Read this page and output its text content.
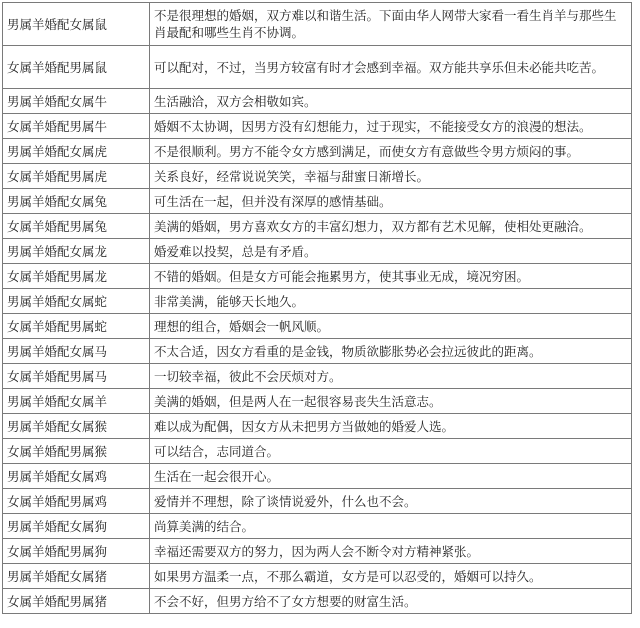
男属羊婚配女属鼠	不是很理想的婚姻，双方难以和谐生活。下面由华人网带大家看一看生肖羊与那些生肖最配和哪些生肖不协调。
女属羊婚配男属鼠	可以配对，不过，当男方较富有时才会感到幸福。双方能共享乐但未必能共吃苦。
男属羊婚配女属牛	生活融洽，双方会相敬如宾。
女属羊婚配男属牛	婚姻不太协调，因男方没有幻想能力，过于现实，不能接受女方的浪漫的想法。
男属羊婚配女属虎	不是很顺利。男方不能令女方感到满足，而使女方有意做些令男方烦闷的事。
女属羊婚配男属虎	关系良好，经常说说笑笑，幸福与甜蜜日渐增长。
男属羊婚配女属兔	可生活在一起，但并没有深厚的感情基础。
女属羊婚配男属兔	美满的婚姻，男方喜欢女方的丰富幻想力，双方都有艺术见解，使相处更融洽。
男属羊婚配女属龙	婚爱难以投契，总是有矛盾。
女属羊婚配男属龙	不错的婚姻。但是女方可能会拖累男方，使其事业无成，境况穷困。
男属羊婚配女属蛇	非常美满，能够天长地久。
女属羊婚配男属蛇	理想的组合，婚姻会一帆风顺。
男属羊婚配女属马	不太合适，因女方看重的是金钱，物质欲膨胀势必会拉远彼此的距离。
女属羊婚配男属马	一切较幸福，彼此不会厌烦对方。
男属羊婚配女属羊	美满的婚姻，但是两人在一起很容易丧失生活意志。
男属羊婚配女属猴	难以成为配偶，因女方从未把男方当做她的婚爱人选。
女属羊婚配男属猴	可以结合，志同道合。
男属羊婚配女属鸡	生活在一起会很开心。
女属羊婚配男属鸡	爱情并不理想，除了谈情说爱外，什么也不会。
男属羊婚配女属狗	尚算美满的结合。
女属羊婚配男属狗	幸福还需要双方的努力，因为两人会不断令对方精神紧张。
男属羊婚配女属猪	如果男方温柔一点，不那么霸道，女方是可以忍受的，婚姻可以持久。
女属羊婚配男属猪	不会不好，但男方给不了女方想要的财富生活。
